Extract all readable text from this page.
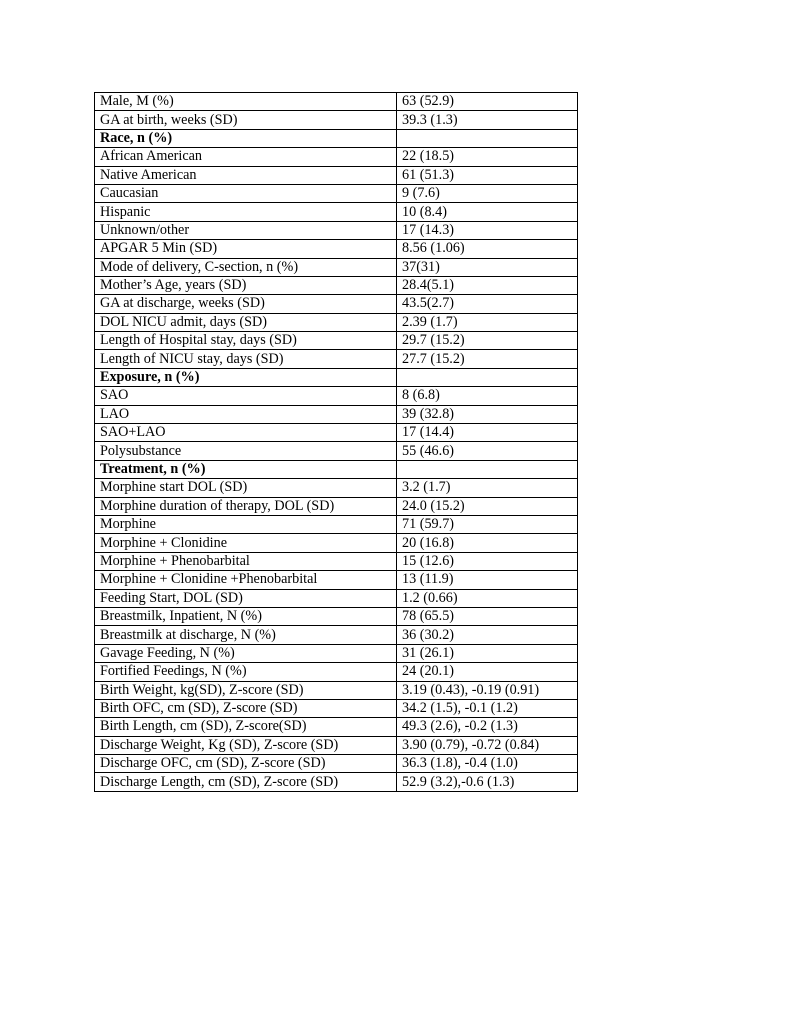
Male, M (%)	63 (52.9)
GA at birth, weeks (SD)	39.3 (1.3)
Race, n (%)	
African American	22 (18.5)
Native American	61 (51.3)
Caucasian	9 (7.6)
Hispanic	10 (8.4)
Unknown/other	17 (14.3)
APGAR 5 Min (SD)	8.56 (1.06)
Mode of delivery, C-section, n (%)	37(31)
Mother’s Age, years (SD)	28.4(5.1)
GA at discharge, weeks (SD)	43.5(2.7)
DOL NICU admit, days (SD)	2.39 (1.7)
Length of Hospital stay, days (SD)	29.7 (15.2)
Length of NICU stay, days (SD)	27.7 (15.2)
Exposure, n (%)	
SAO	8 (6.8)
LAO	39 (32.8)
SAO+LAO	17 (14.4)
Polysubstance	55 (46.6)
Treatment, n (%)	
Morphine start DOL (SD)	3.2 (1.7)
Morphine duration of therapy, DOL (SD)	24.0 (15.2)
Morphine	71 (59.7)
Morphine + Clonidine	20 (16.8)
Morphine + Phenobarbital	15 (12.6)
Morphine + Clonidine +Phenobarbital	13 (11.9)
Feeding Start, DOL (SD)	1.2 (0.66)
Breastmilk, Inpatient, N (%)	78 (65.5)
Breastmilk at discharge, N (%)	36 (30.2)
Gavage Feeding, N (%)	31 (26.1)
Fortified Feedings, N (%)	24 (20.1)
Birth Weight, kg(SD), Z-score (SD)	3.19 (0.43), -0.19 (0.91)
Birth OFC, cm (SD), Z-score (SD)	34.2 (1.5), -0.1 (1.2)
Birth Length, cm (SD), Z-score(SD)	49.3 (2.6), -0.2 (1.3)
Discharge Weight, Kg (SD), Z-score (SD)	3.90 (0.79), -0.72 (0.84)
Discharge OFC, cm (SD), Z-score (SD)	36.3 (1.8), -0.4 (1.0)
Discharge Length, cm (SD), Z-score (SD)	52.9 (3.2),-0.6 (1.3)
